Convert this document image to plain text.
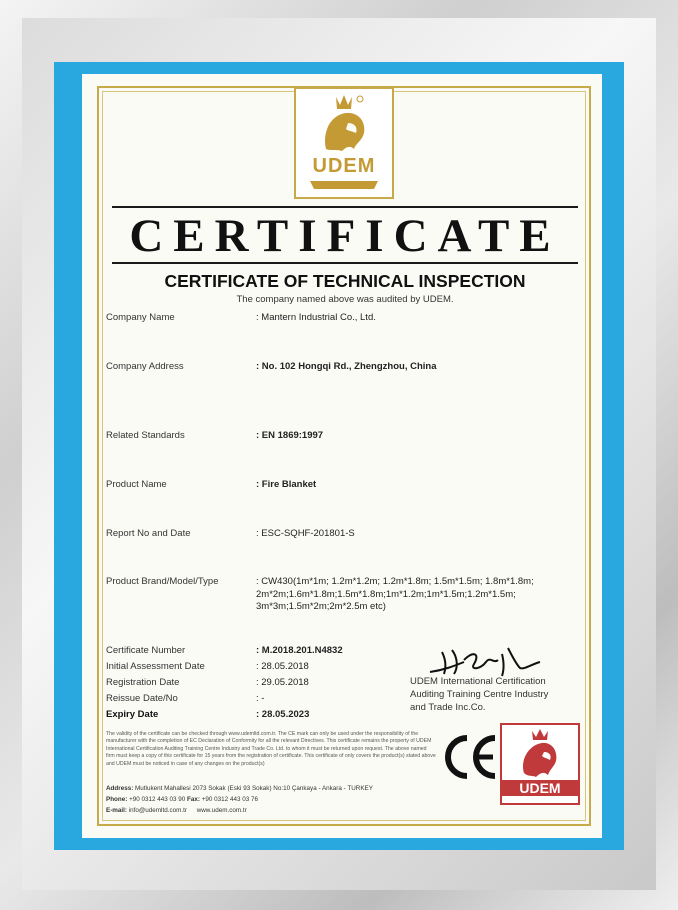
UDEM
CERTIFICATE
CERTIFICATE OF TECHNICAL INSPECTION
The company named above was audited by UDEM.
Company Name	: Mantern Industrial Co., Ltd.
Company Address	: No. 102 Hongqi Rd., Zhengzhou, China
Related Standards	: EN 1869:1997
Product Name	: Fire Blanket
Report No and Date	: ESC-SQHF-201801-S
Product Brand/Model/Type	: CW430(1m*1m; 1.2m*1.2m; 1.2m*1.8m; 1.5m*1.5m; 1.8m*1.8m;
2m*2m;1.6m*1.8m;1.5m*1.8m;1m*1.2m;1m*1.5m;1.2m*1.5m;
3m*3m;1.5m*2m;2m*2.5m etc)
Certificate Number	: M.2018.201.N4832
Initial Assessment Date	: 28.05.2018
Registration Date	: 29.05.2018
Reissue Date/No	: -
Expiry Date	: 28.05.2023
UDEM International Certification
Auditing Training Centre Industry
and Trade Inc.Co.
The validity of the certificate can be checked through www.udemltd.com.tr. The CE mark can only be used under the responsibility of the manufacturer with the completion of EC Declaration of Conformity for all the relevant Directives. This certificate remains the property of UDEM International Certification Auditing Training Centre Industry and Trade Co. Ltd. to whom it must be returned upon request. The above named firm must keep a copy of this certificate for 15 years from the registration of certificate. This certificate of only covers the product(s) stated above and UDEM must be noticed in case of any changes on the product(s)
Address: Mutlukent Mahallesi 2073 Sokak (Eski 93 Sokak) No:10 Çankaya - Ankara - TURKEY
Phone: +90 0312 443 03 90 Fax: +90 0312 443 03 76
E-mail: info@udemltd.com.tr www.udem.com.tr
UDEM
